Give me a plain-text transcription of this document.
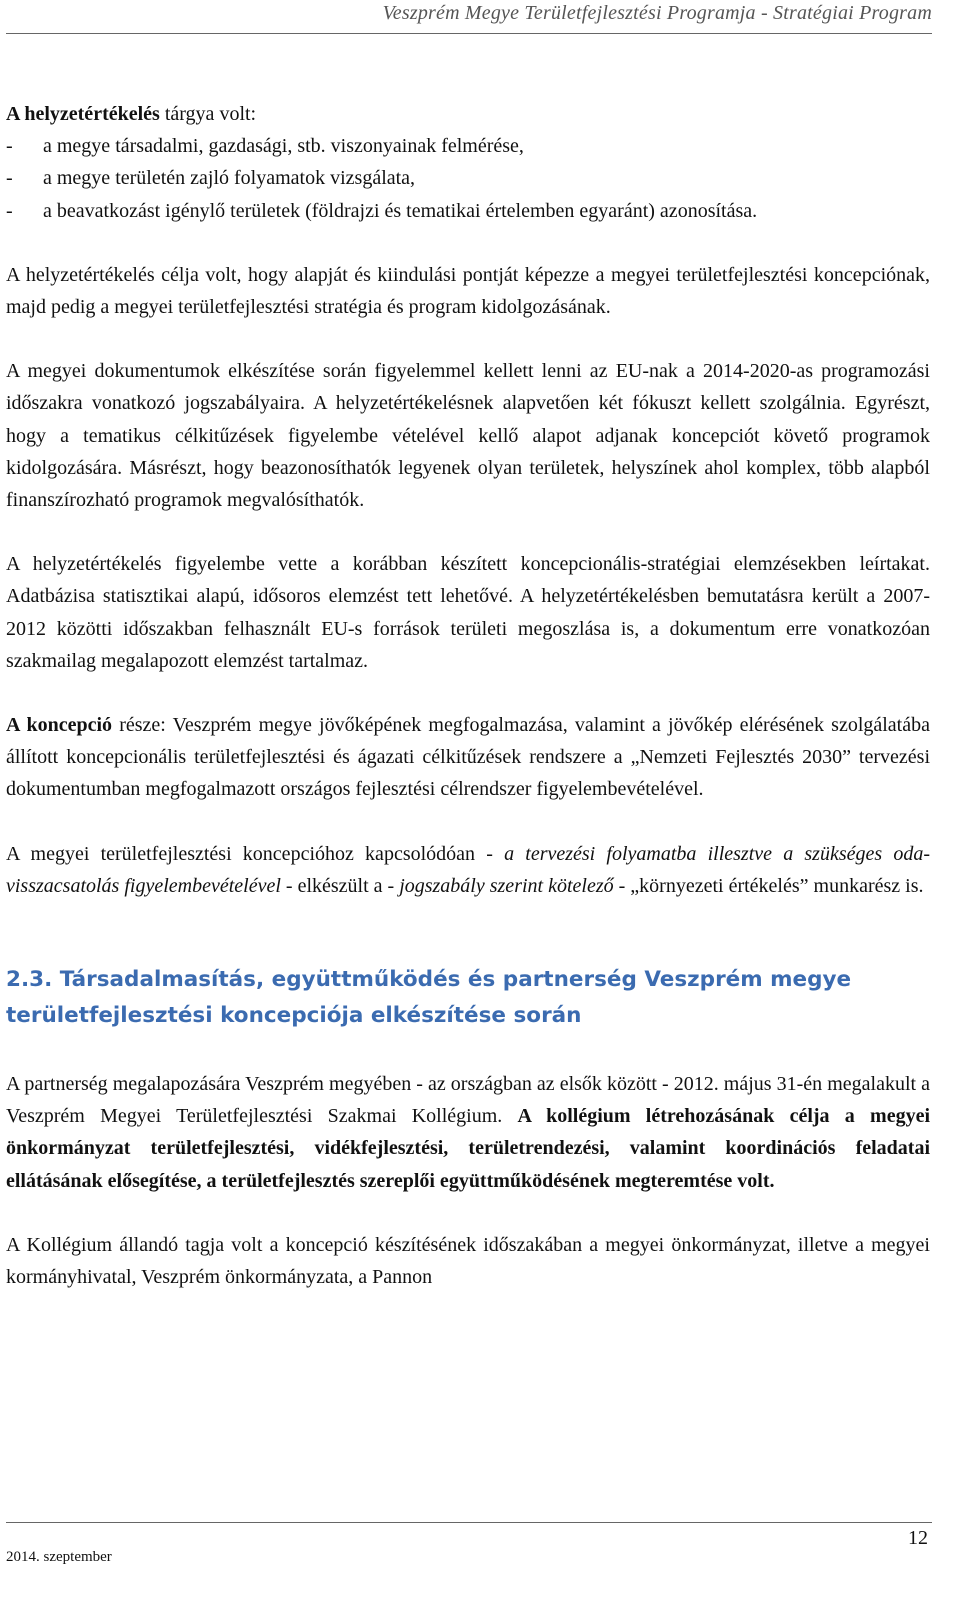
Veszprém Megye Területfejlesztési Programja - Stratégiai Program

A helyzetértékelés tárgya volt:

- a megye társadalmi, gazdasági, stb. viszonyainak felmérése,
- a megye területén zajló folyamatok vizsgálata,
- a beavatkozást igénylő területek (földrajzi és tematikai értelemben egyaránt) azonosítása.

A helyzetértékelés célja volt, hogy alapját és kiindulási pontját képezze a megyei területfejlesztési koncepciónak, majd pedig a megyei területfejlesztési stratégia és program kidolgozásának.

A megyei dokumentumok elkészítése során figyelemmel kellett lenni az EU-nak a 2014-2020-as programozási időszakra vonatkozó jogszabályaira. A helyzetértékelésnek alapvetően két fókuszt kellett szolgálnia. Egyrészt, hogy a tematikus célkitűzések figyelembe vételével kellő alapot adjanak koncepciót követő programok kidolgozására. Másrészt, hogy beazonosíthatók legyenek olyan területek, helyszínek ahol komplex, több alapból finanszírozható programok megvalósíthatók.

A helyzetértékelés figyelembe vette a korábban készített koncepcionális-stratégiai elemzésekben leírtakat. Adatbázisa statisztikai alapú, idősoros elemzést tett lehetővé. A helyzetértékelésben bemutatásra került a 2007-2012 közötti időszakban felhasznált EU-s források területi megoszlása is, a dokumentum erre vonatkozóan szakmailag megalapozott elemzést tartalmaz.

A koncepció része: Veszprém megye jövőképének megfogalmazása, valamint a jövőkép elérésének szolgálatába állított koncepcionális területfejlesztési és ágazati célkitűzések rendszere a „Nemzeti Fejlesztés 2030” tervezési dokumentumban megfogalmazott országos fejlesztési célrendszer figyelembevételével.

A megyei területfejlesztési koncepcióhoz kapcsolódóan - a tervezési folyamatba illesztve a szükséges oda-visszacsatolás figyelembevételével - elkészült a - jogszabály szerint kötelező - „környezeti értékelés” munkarész is.

2.3. Társadalmasítás, együttműködés és partnerség Veszprém megye területfejlesztési koncepciója elkészítése során

A partnerség megalapozására Veszprém megyében - az országban az elsők között - 2012. május 31-én megalakult a Veszprém Megyei Területfejlesztési Szakmai Kollégium. A kollégium létrehozásának célja a megyei önkormányzat területfejlesztési, vidékfejlesztési, területrendezési, valamint koordinációs feladatai ellátásának elősegítése, a területfejlesztés szereplői együttműködésének megteremtése volt.

A Kollégium állandó tagja volt a koncepció készítésének időszakában a megyei önkormányzat, illetve a megyei kormányhivatal, Veszprém önkormányzata, a Pannon

2014. szeptember
12
